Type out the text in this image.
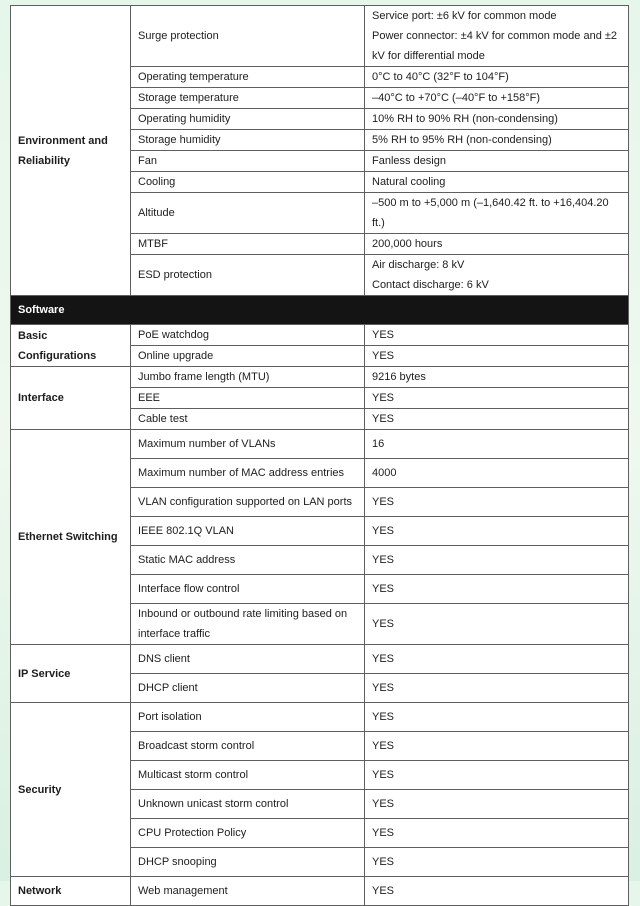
Environment and Reliability	Surge protection	Service port: ±6 kV for common mode
Power connector: ±4 kV for common mode and ±2
kV for differential mode

	Operating temperature	0°C to 40°C (32°F to 104°F)
	Storage temperature	–40°C to +70°C (–40°F to +158°F)
	Operating humidity	10% RH to 90% RH (non-condensing)
	Storage humidity	5% RH to 95% RH (non-condensing)
	Fan	Fanless design
	Cooling	Natural cooling
	Altitude	–500 m to +5,000 m (–1,640.42 ft. to +16,404.20 ft.)
	MTBF	200,000 hours
	ESD protection	Air discharge: 8 kV
Contact discharge: 6 kV

Software		
Basic Configurations	PoE watchdog	YES
	Online upgrade	YES
Interface	Jumbo frame length (MTU)	9216 bytes
	EEE	YES
	Cable test	YES
Ethernet Switching	Maximum number of VLANs	16
	Maximum number of MAC address entries	4000
	VLAN configuration supported on LAN ports	YES
	IEEE 802.1Q VLAN	YES
	Static MAC address	YES
	Interface flow control	YES

	Inbound or outbound rate limiting based on
interface traffic	YES
IP Service	DNS client	YES
	DHCP client	YES
Security	Port isolation	YES
	Broadcast storm control	YES
	Multicast storm control	YES
	Unknown unicast storm control	YES
	CPU Protection Policy	YES
	DHCP snooping	YES
Network	Web management	YES
